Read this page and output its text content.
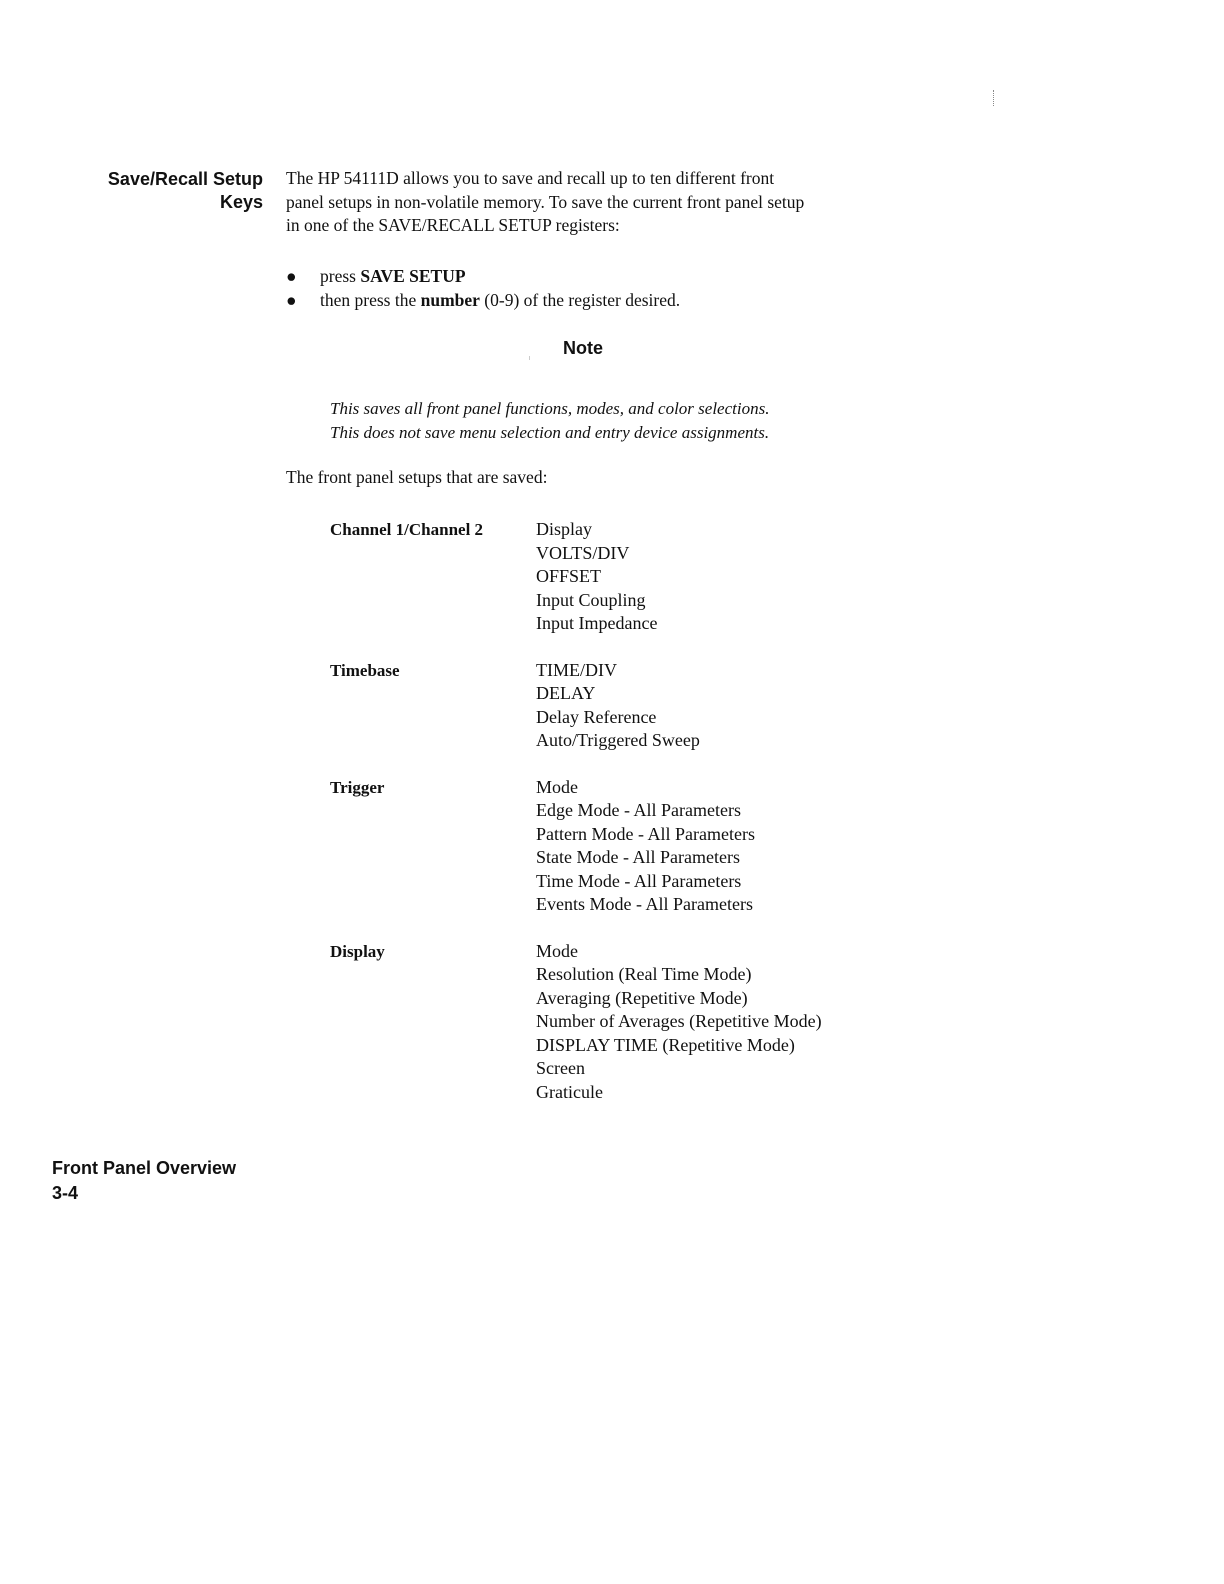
Save/Recall Setup
Keys

The HP 54111D allows you to save and recall up to ten different front

panel setups in non-volatile memory. To save the current front panel setup

in one of the SAVE/RECALL SETUP registers:

● press SAVE SETUP
● then press the number (0-9) of the register desired.
Note
This saves all front panel functions, modes, and color selections.
This does not save menu selection and entry device assignments.
The front panel setups that are saved:
Channel 1/Channel 2	Display
VOLTS/DIV
OFFSET
Input Coupling
Input Impedance
Timebase	TIME/DIV
DELAY
Delay Reference
Auto/Triggered Sweep
Trigger	Mode
Edge Mode - All Parameters
Pattern Mode - All Parameters
State Mode - All Parameters
Time Mode - All Parameters
Events Mode - All Parameters
Display	Mode
Resolution (Real Time Mode)
Averaging (Repetitive Mode)
Number of Averages (Repetitive Mode)
DISPLAY TIME (Repetitive Mode)
Screen
Graticule
Front Panel Overview
3-4
